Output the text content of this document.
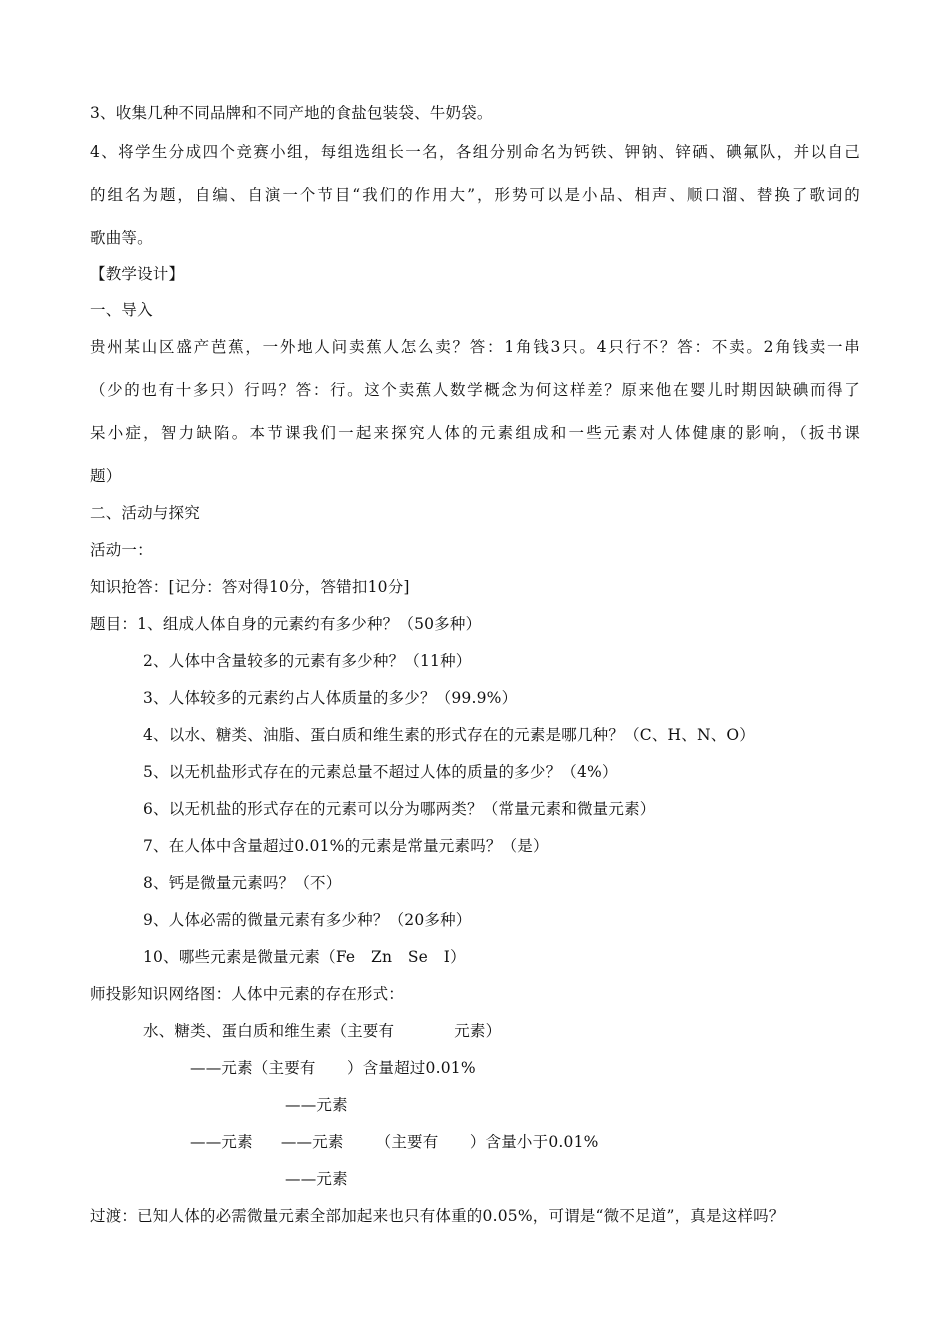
3、收集几种不同品牌和不同产地的食盐包装袋、牛奶袋。
4、将学生分成四个竞赛小组，每组选组长一名，各组分别命名为钙铁、钾钠、锌硒、碘氟队，并以自己
的组名为题，自编、自演一个节目“我们的作用大”，形势可以是小品、相声、顺口溜、替换了歌词的
歌曲等。
【教学设计】
一、导入
贵州某山区盛产芭蕉，一外地人问卖蕉人怎么卖？答：1角钱3只。4只行不？答：不卖。2角钱卖一串
（少的也有十多只）行吗？答：行。这个卖蕉人数学概念为何这样差？原来他在婴儿时期因缺碘而得了
呆小症，智力缺陷。本节课我们一起来探究人体的元素组成和一些元素对人体健康的影响，（扳书课
题）
二、活动与探究
活动一：
知识抢答：[记分：答对得10分，答错扣10分]
题目：1、组成人体自身的元素约有多少种？（50多种）
2、人体中含量较多的元素有多少种？（11种）
3、人体较多的元素约占人体质量的多少？（99.9%）
4、以水、糖类、油脂、蛋白质和维生素的形式存在的元素是哪几种？（C、H、N、O）
5、以无机盐形式存在的元素总量不超过人体的质量的多少？（4%）
6、以无机盐的形式存在的元素可以分为哪两类？（常量元素和微量元素）
7、在人体中含量超过0.01%的元素是常量元素吗？（是）
8、钙是微量元素吗？（不）
9、人体必需的微量元素有多少种？（20多种）
10、哪些元素是微量元素（Fe　Zn　Se　I）
师投影知识网络图：人体中元素的存在形式：
水、糖类、蛋白质和维生素（主要有	元素）
——元素（主要有　　）含量超过0.01%
——元素
——元素 ——元素 （主要有　　）含量小于0.01%
——元素
过渡：已知人体的必需微量元素全部加起来也只有体重的0.05%，可谓是“微不足道”，真是这样吗？
